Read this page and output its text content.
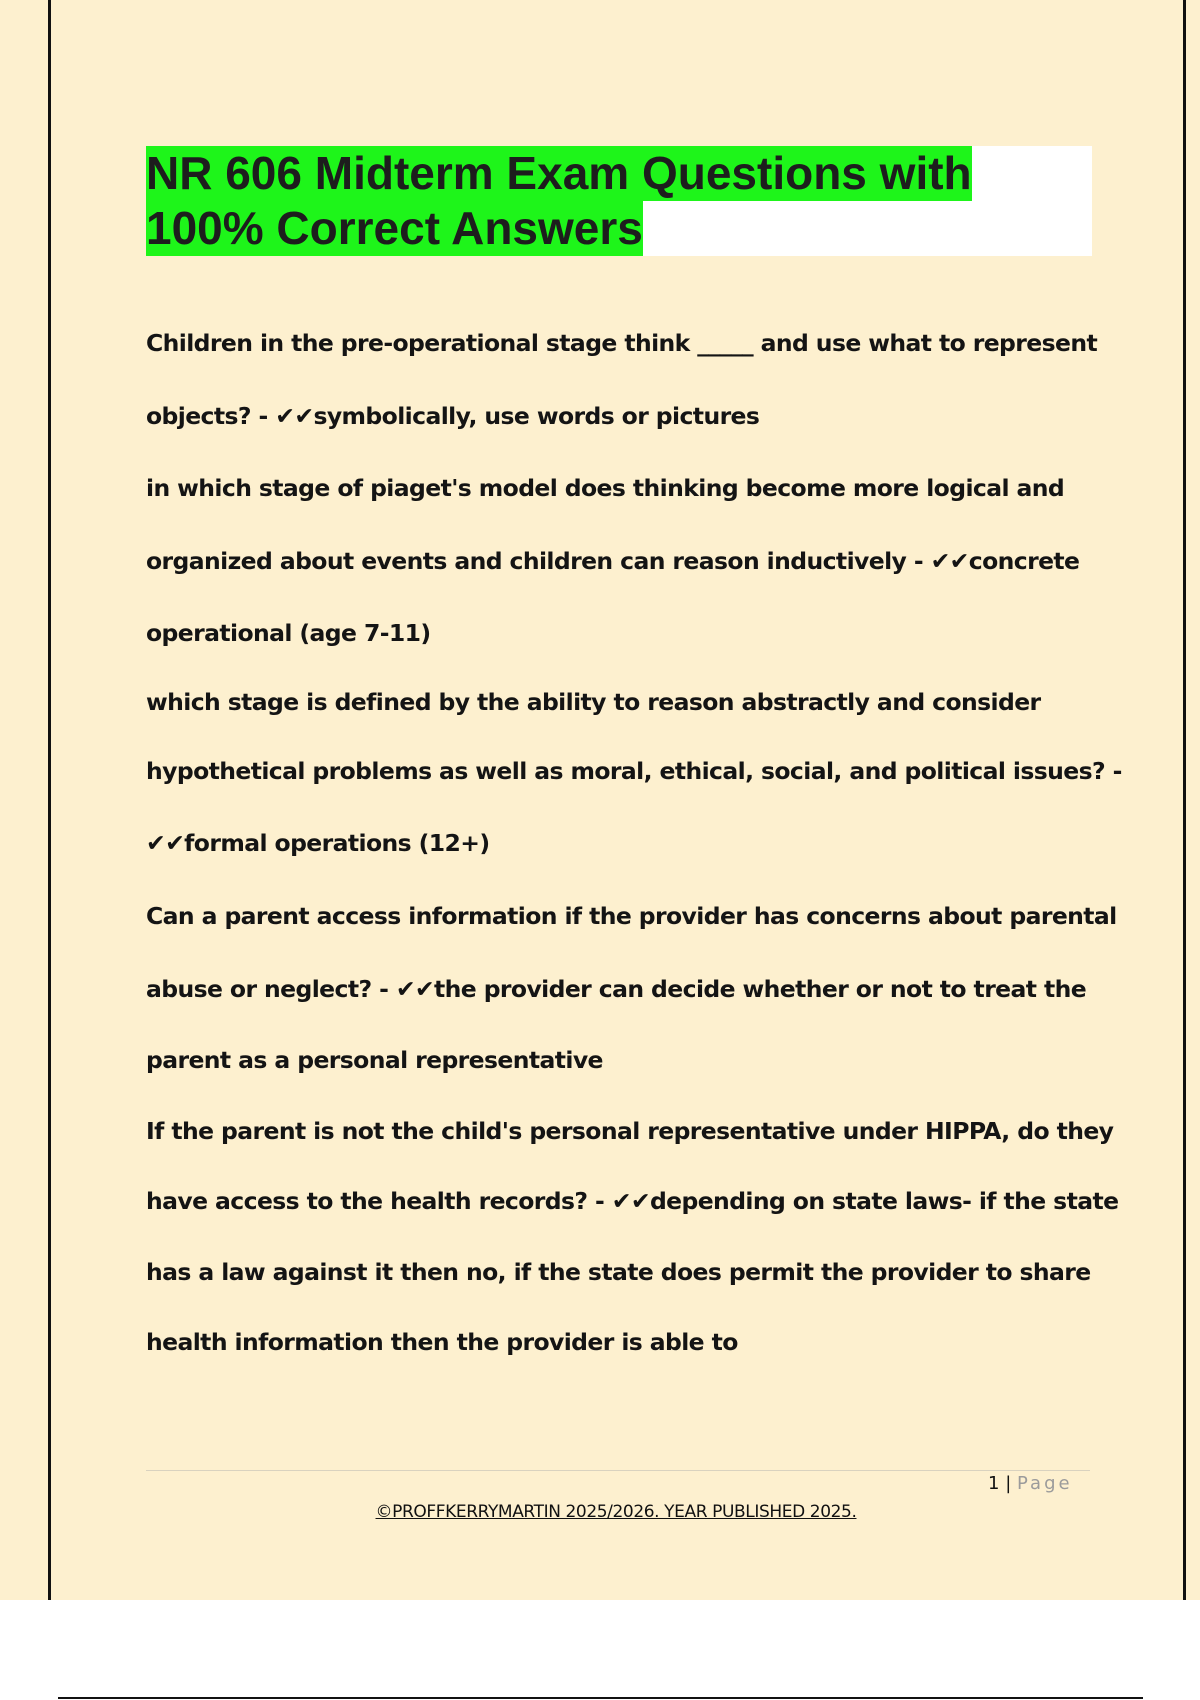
NR 606 Midterm Exam Questions with
100% Correct Answers
Children in the pre-operational stage think _____ and use what to represent
objects? - ✔✔symbolically, use words or pictures
in which stage of piaget's model does thinking become more logical and
organized about events and children can reason inductively - ✔✔concrete
operational (age 7-11)
which stage is defined by the ability to reason abstractly and consider
hypothetical problems as well as moral, ethical, social, and political issues? -
✔✔formal operations (12+)
Can a parent access information if the provider has concerns about parental
abuse or neglect? - ✔✔the provider can decide whether or not to treat the
parent as a personal representative
If the parent is not the child's personal representative under HIPPA, do they
have access to the health records? - ✔✔depending on state laws- if the state
has a law against it then no, if the state does permit the provider to share
health information then the provider is able to
1 | Page
©PROFFKERRYMARTIN 2025/2026. YEAR PUBLISHED 2025.
